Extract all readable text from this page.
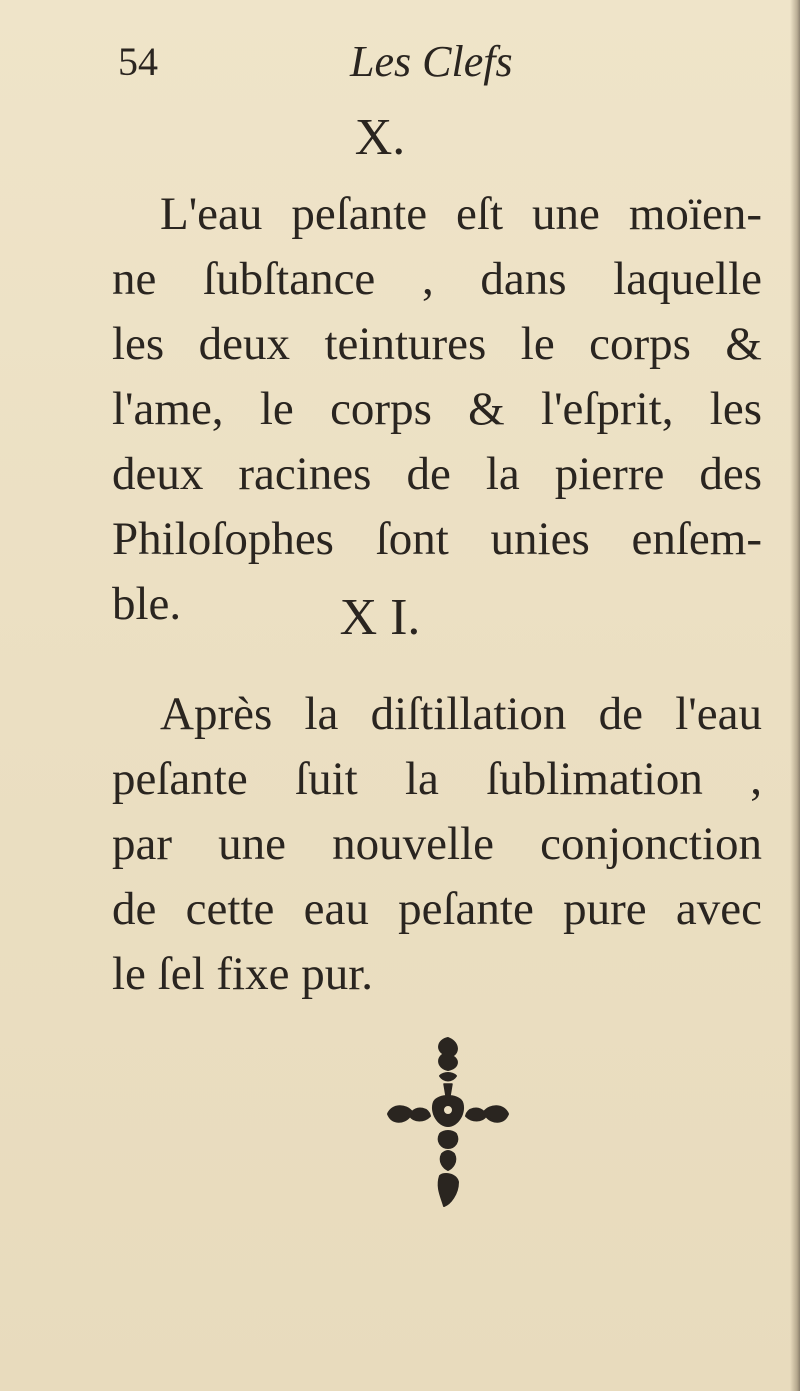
54	Les Clefs
X.
L'eau peſante eſt une moïen-
ne ſubſtance , dans laquelle
les deux teintures le corps &
l'ame, le corps & l'eſprit, les
deux racines de la pierre des
Philoſophes ſont unies enſem-
ble.	X I.
Après la diſtillation de l'eau
peſante ſuit la ſublimation ,
par une nouvelle conjonction
de cette eau peſante pure avec
le ſel fixe pur.
